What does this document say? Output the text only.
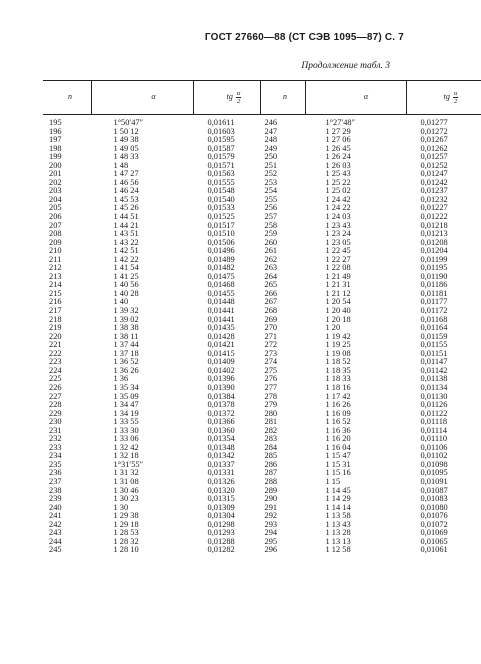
ГОСТ 27660—88 (СТ СЭВ 1095—87) С. 7
Продолжение табл. 3
n	α	tg $\frac{\alpha}{2}$	n	α	tg $\frac{\alpha}{2}$

195	1°50′47″	0,01611	246	1°27′48″	0,01277
196	1 50 12	0,01603	247	1 27 29	0,01272
197	1 49 38	0,01595	248	1 27 06	0,01267
198	1 49 05	0,01587	249	1 26 45	0,01262
199	1 48 33	0,01579	250	1 26 24	0,01257
200	1 48	0,01571	251	1 26 03	0,01252
201	1 47 27	0,01563	252	1 25 43	0,01247
202	1 46 56	0,01555	253	1 25 22	0,01242
203	1 46 24	0,01548	254	1 25 02	0,01237
204	1 45 53	0,01540	255	1 24 42	0,01232
205	1 45 26	0,01533	256	1 24 22	0,01227
206	1 44 51	0,01525	257	1 24 03	0,01222
207	1 44 21	0,01517	258	1 23 43	0,01218
208	1 43 51	0,01510	259	1 23 24	0,01213
209	1 43 22	0,01506	260	1 23 05	0,01208
210	1 42 51	0,01496	261	1 22 45	0,01204
211	1 42 22	0,01489	262	1 22 27	0,01199
212	1 41 54	0,01482	263	1 22 08	0,01195
213	1 41 25	0,01475	264	1 21 49	0,01190
214	1 40 56	0,01468	265	1 21 31	0,01186
215	1 40 28	0,01455	266	1 21 12	0,01181
216	1 40	0,01448	267	1 20 54	0,01177
217	1 39 32	0,01441	268	1 20 40	0,01172
218	1 39 02	0,01441	269	1 20 18	0,01168
219	1 38 38	0,01435	270	1 20	0,01164
220	1 38 11	0,01428	271	1 19 42	0,01159
221	1 37 44	0,01421	272	1 19 25	0,01155
222	1 37 18	0,01415	273	1 19 08	0,01151
223	1 36 52	0,01409	274	1 18 52	0,01147
224	1 36 26	0,01402	275	1 18 35	0,01142
225	1 36	0,01396	276	1 18 33	0,01138
226	1 35 34	0,01390	277	1 18 16	0,01134
227	1 35 09	0,01384	278	1 17 42	0,01130
228	1 34 47	0,01378	279	1 16 26	0,01126
229	1 34 19	0,01372	280	1 16 09	0,01122
230	1 33 55	0,01366	281	1 16 52	0,01118
231	1 33 30	0,01360	282	1 16 36	0,01114
232	1 33 06	0,01354	283	1 16 20	0,01110
233	1 32 42	0,01348	284	1 16 04	0,01106
234	1 32 18	0,01342	285	1 15 47	0,01102
235	1°31′55″	0,01337	286	1 15 31	0,01098
236	1 31 32	0,01331	287	1 15 16	0,01095
237	1 31 08	0,01326	288	1 15	0,01091
238	1 30 46	0,01320	289	1 14 45	0,01087
239	1 30 23	0,01315	290	1 14 29	0,01083
240	1 30	0,01309	291	1 14 14	0,01080
241	1 29 38	0,01304	292	1 13 58	0,01076
242	1 29 18	0,01298	293	1 13 43	0,01072
243	1 28 53	0,01293	294	1 13 28	0,01069
244	1 28 32	0,01288	295	1 13 13	0,01065
245	1 28 10	0,01282	296	1 12 58	0,01061
